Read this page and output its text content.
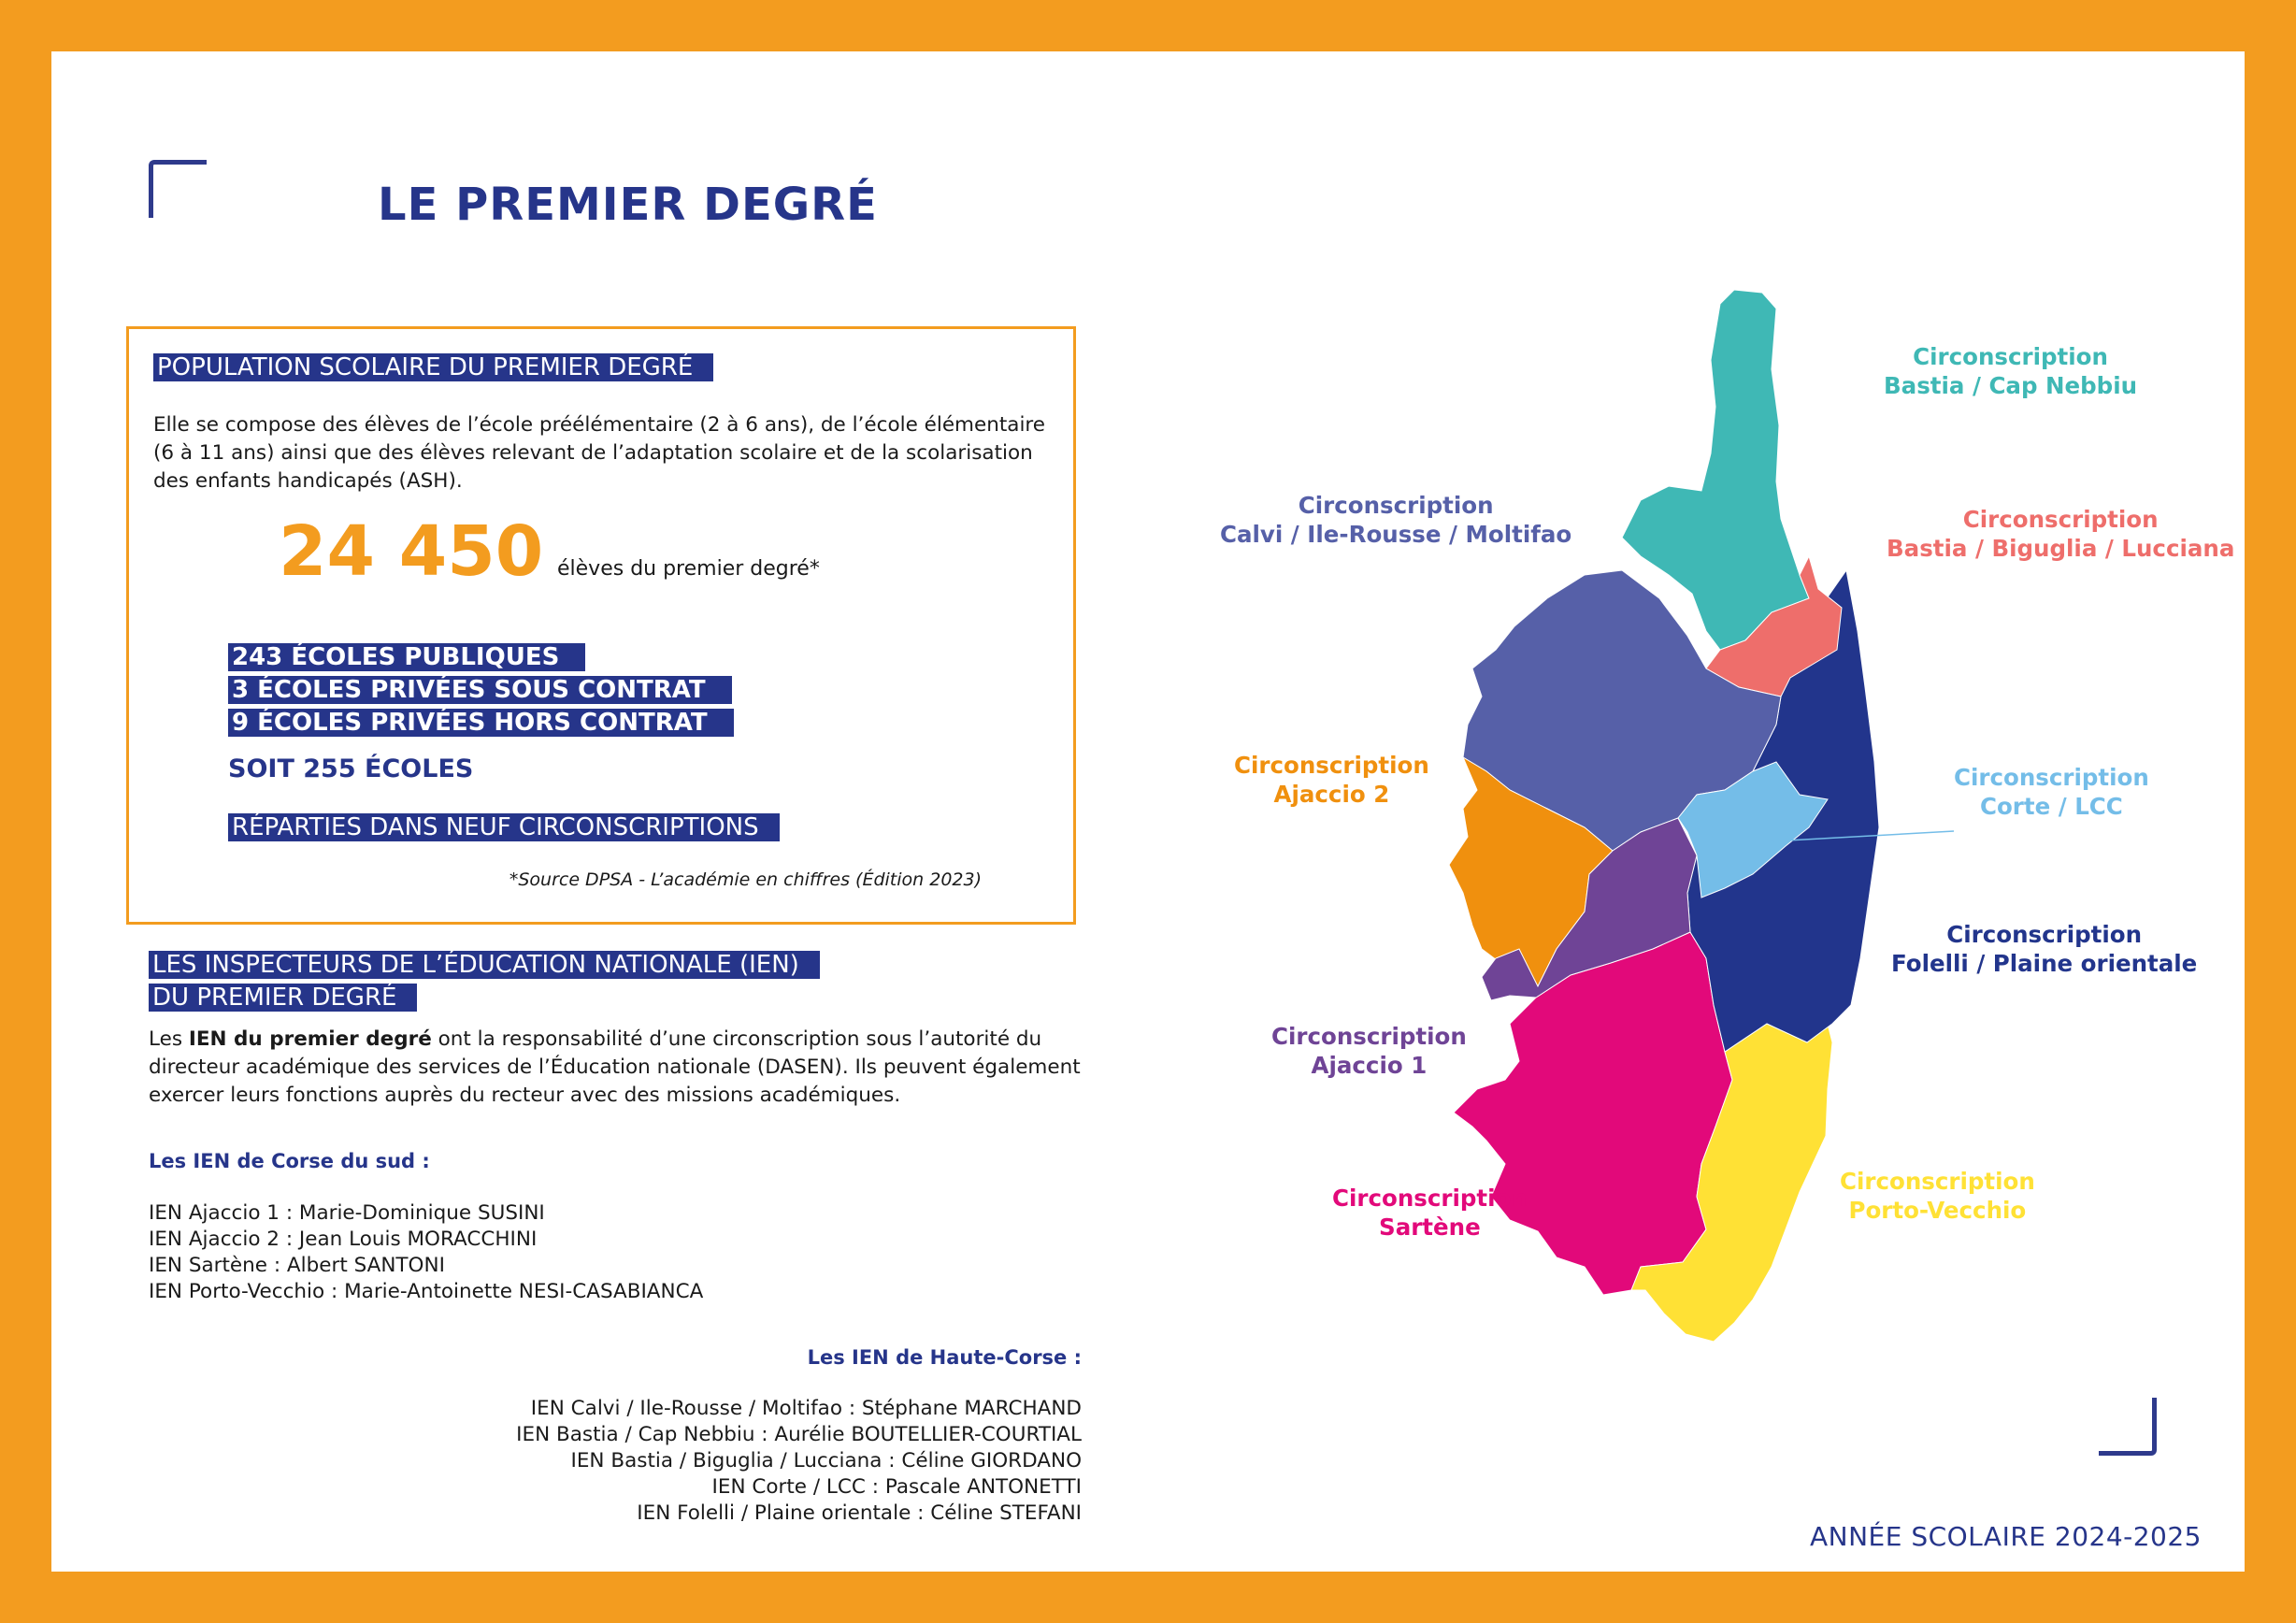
LE PREMIER DEGRÉ
POPULATION SCOLAIRE DU PREMIER DEGRÉ

Elle se compose des élèves de l’école préélémentaire (2 à 6 ans), de l’école élémentaire (6 à 11 ans) ainsi que des élèves relevant de l’adaptation scolaire et de la scolarisation des enfants handicapés (ASH).

24 450 élèves du premier degré*
243 ÉCOLES PUBLIQUES
3 ÉCOLES PRIVÉES SOUS CONTRAT
9 ÉCOLES PRIVÉES HORS CONTRAT
SOIT 255 ÉCOLES
RÉPARTIES DANS NEUF CIRCONSCRIPTIONS
*Source DPSA - L’académie en chiffres (Édition 2023)
LES INSPECTEURS DE L’ÉDUCATION NATIONALE (IEN)
DU PREMIER DEGRÉ

Les IEN du premier degré ont la responsabilité d’une circonscription sous l’autorité du directeur académique des services de l’Éducation nationale (DASEN). Ils peuvent également exercer leurs fonctions auprès du recteur avec des missions académiques.

Les IEN de Corse du sud :
IEN Ajaccio 1 : Marie-Dominique SUSINI
IEN Ajaccio 2 : Jean Louis MORACCHINI
IEN Sartène : Albert SANTONI
IEN Porto-Vecchio : Marie-Antoinette NESI-CASABIANCA
Les IEN de Haute-Corse :
IEN Calvi / Ile-Rousse / Moltifao : Stéphane MARCHAND
IEN Bastia / Cap Nebbiu : Aurélie BOUTELLIER-COURTIAL
IEN Bastia / Biguglia / Lucciana : Céline GIORDANO
IEN Corte / LCC : Pascale ANTONETTI
IEN Folelli / Plaine orientale : Céline STEFANI
Circonscription
Bastia / Cap Nebbiu
Circonscription
Bastia / Biguglia / Lucciana
Circonscription
Calvi / Ile-Rousse / Moltifao
Circonscription
Ajaccio 2
Circonscription
Corte / LCC
Circonscription
Folelli / Plaine orientale
Circonscription
Ajaccio 1
Circonscription
Sartène
Circonscription
Porto-Vecchio
ANNÉE SCOLAIRE 2024-2025
